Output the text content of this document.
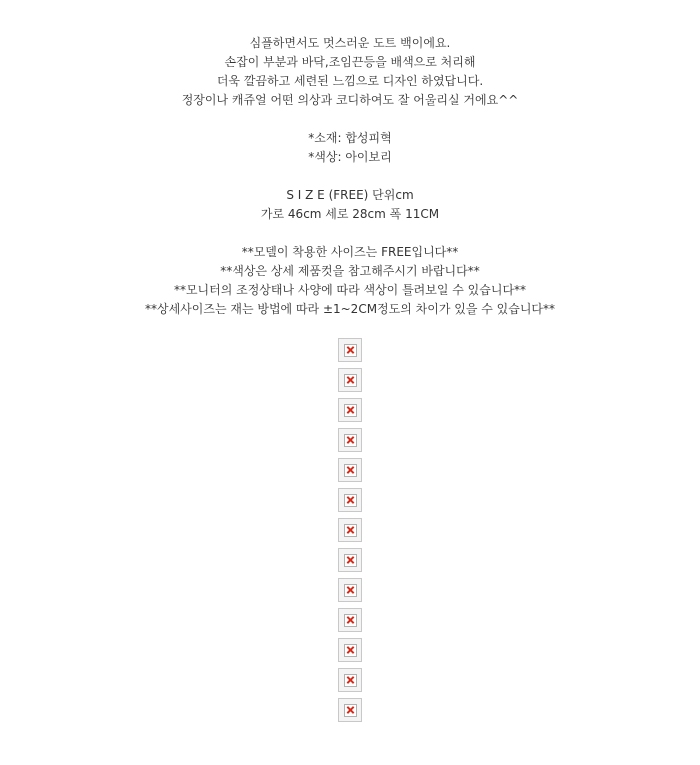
심플하면서도 멋스러운 도트 백이에요.
손잡이 부분과 바닥,조임끈등을 배색으로 처리해
더욱 깔끔하고 세련된 느낌으로 디자인 하였답니다.
정장이나 캐쥬얼 어떤 의상과 코디하여도 잘 어울리실 거에요^^

*소재: 합성피혁
*색상: 아이보리

S I Z E (FREE) 단위cm
가로 46cm 세로 28cm 폭 11CM

**모델이 착용한 사이즈는 FREE입니다**
**색상은 상세 제품컷을 참고해주시기 바랍니다**
**모니터의 조정상태나 사양에 따라 색상이 틀려보일 수 있습니다**
**상세사이즈는 재는 방법에 따라 ±1~2CM정도의 차이가 있을 수 있습니다**
